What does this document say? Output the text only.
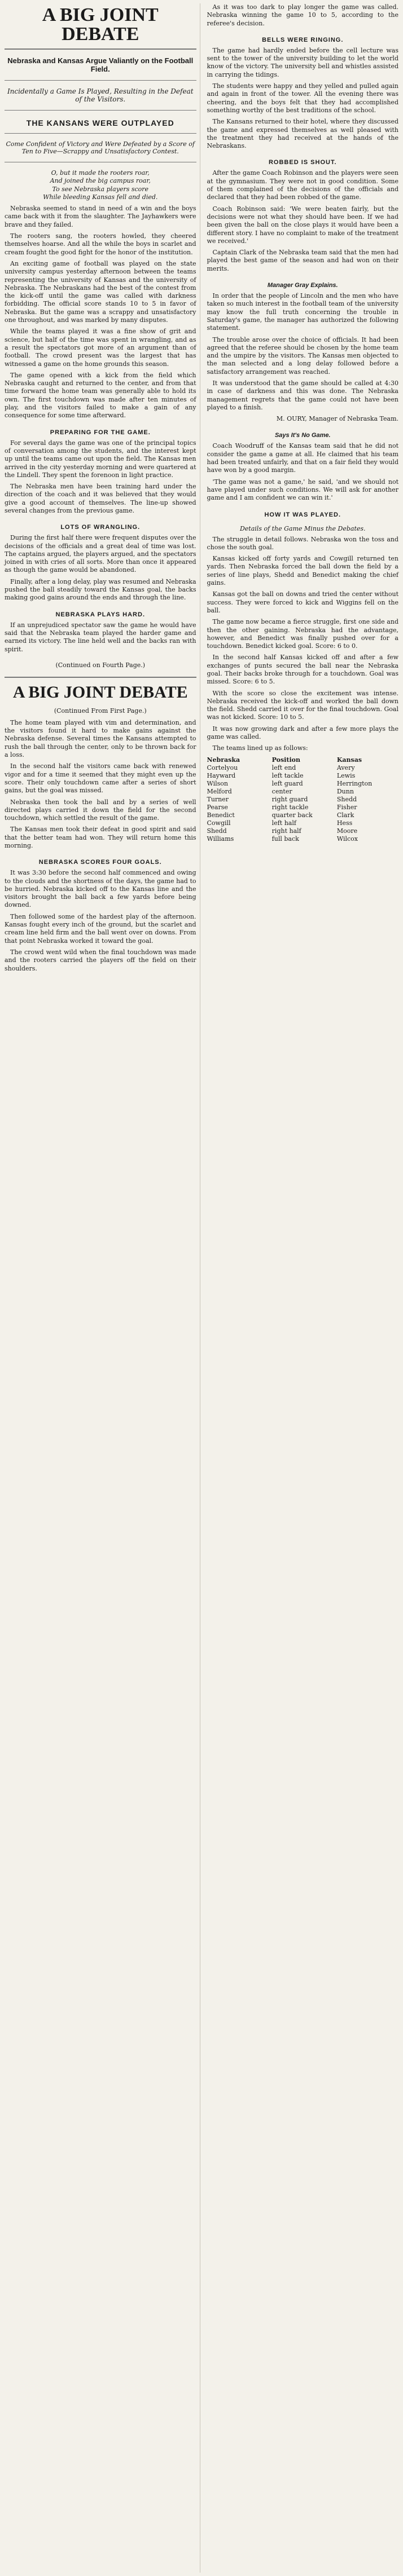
A BIG JOINT DEBATE
Nebraska and Kansas Argue Valiantly on the Football Field.
Incidentally a Game Is Played, Resulting in the Defeat of the Visitors.
THE KANSANS WERE OUTPLAYED
Come Confident of Victory and Were Defeated by a Score of Ten to Five—Scrappy and Unsatisfactory Contest.
O, but it made the rooters roar,
And joined the big campus roar,
To see Nebraska players score
While bleeding Kansas fell and died.

Nebraska seemed to stand in need of a win and the boys came back with it from the slaughter. The Jayhawkers were brave and they failed.

The rooters sang, the rooters howled, they cheered themselves hoarse. And all the while the boys in scarlet and cream fought the good fight for the honor of the institution.

An exciting game of football was played on the state university campus yesterday afternoon between the teams representing the university of Kansas and the university of Nebraska. The Nebraskans had the best of the contest from the kick-off until the game was called with darkness forbidding. The official score stands 10 to 5 in favor of Nebraska. But the game was a scrappy and unsatisfactory one throughout, and was marked by many disputes.

While the teams played it was a fine show of grit and science, but half of the time was spent in wrangling, and as a result the spectators got more of an argument than of football. The crowd present was the largest that has witnessed a game on the home grounds this season.

The game opened with a kick from the field which Nebraska caught and returned to the center, and from that time forward the home team was generally able to hold its own. The first touchdown was made after ten minutes of play, and the visitors failed to make a gain of any consequence for some time afterward.

PREPARING FOR THE GAME.

For several days the game was one of the principal topics of conversation among the students, and the interest kept up until the teams came out upon the field. The Kansas men arrived in the city yesterday morning and were quartered at the Lindell. They spent the forenoon in light practice.

The Nebraska men have been training hard under the direction of the coach and it was believed that they would give a good account of themselves. The line-up showed several changes from the previous game.

LOTS OF WRANGLING.

During the first half there were frequent disputes over the decisions of the officials and a great deal of time was lost. The captains argued, the players argued, and the spectators joined in with cries of all sorts. More than once it appeared as though the game would be abandoned.

Finally, after a long delay, play was resumed and Nebraska pushed the ball steadily toward the Kansas goal, the backs making good gains around the ends and through the line.

NEBRASKA PLAYS HARD.

If an unprejudiced spectator saw the game he would have said that the Nebraska team played the harder game and earned its victory. The line held well and the backs ran with spirit.

(Continued on Fourth Page.)
A BIG JOINT DEBATE
(Continued From First Page.)

The home team played with vim and determination, and the visitors found it hard to make gains against the Nebraska defense. Several times the Kansans attempted to rush the ball through the center, only to be thrown back for a loss.

In the second half the visitors came back with renewed vigor and for a time it seemed that they might even up the score. Their only touchdown came after a series of short gains, but the goal was missed.

Nebraska then took the ball and by a series of well directed plays carried it down the field for the second touchdown, which settled the result of the game.

The Kansas men took their defeat in good spirit and said that the better team had won. They will return home this morning.

NEBRASKA SCORES FOUR GOALS.

It was 3:30 before the second half commenced and owing to the clouds and the shortness of the days, the game had to be hurried. Nebraska kicked off to the Kansas line and the visitors brought the ball back a few yards before being downed.

Then followed some of the hardest play of the afternoon. Kansas fought every inch of the ground, but the scarlet and cream line held firm and the ball went over on downs. From that point Nebraska worked it toward the goal.

The crowd went wild when the final touchdown was made and the rooters carried the players off the field on their shoulders.

As it was too dark to play longer the game was called. Nebraska winning the game 10 to 5, according to the referee's decision.

BELLS WERE RINGING.

The game had hardly ended before the cell lecture was sent to the tower of the university building to let the world know of the victory. The university bell and whistles assisted in carrying the tidings.

The students were happy and they yelled and pulled again and again in front of the tower. All the evening there was cheering, and the boys felt that they had accomplished something worthy of the best traditions of the school.

The Kansans returned to their hotel, where they discussed the game and expressed themselves as well pleased with the treatment they had received at the hands of the Nebraskans.

ROBBED IS SHOUT.

After the game Coach Robinson and the players were seen at the gymnasium. They were not in good condition. Some of them complained of the decisions of the officials and declared that they had been robbed of the game.

Coach Robinson said: 'We were beaten fairly, but the decisions were not what they should have been. If we had been given the ball on the close plays it would have been a different story. I have no complaint to make of the treatment we received.'

Captain Clark of the Nebraska team said that the men had played the best game of the season and had won on their merits.

Manager Gray Explains.

In order that the people of Lincoln and the men who have taken so much interest in the football team of the university may know the full truth concerning the trouble in Saturday's game, the manager has authorized the following statement.

The trouble arose over the choice of officials. It had been agreed that the referee should be chosen by the home team and the umpire by the visitors. The Kansas men objected to the man selected and a long delay followed before a satisfactory arrangement was reached.

It was understood that the game should be called at 4:30 in case of darkness and this was done. The Nebraska management regrets that the game could not have been played to a finish.

M. OURY, Manager of Nebraska Team.

Says It's No Game.

Coach Woodruff of the Kansas team said that he did not consider the game a game at all. He claimed that his team had been treated unfairly, and that on a fair field they would have won by a good margin.

'The game was not a game,' he said, 'and we should not have played under such conditions. We will ask for another game and I am confident we can win it.'

HOW IT WAS PLAYED.
Details of the Game Minus the Debates.

The struggle in detail follows. Nebraska won the toss and chose the south goal.

Kansas kicked off forty yards and Cowgill returned ten yards. Then Nebraska forced the ball down the field by a series of line plays, Shedd and Benedict making the chief gains.

Kansas got the ball on downs and tried the center without success. They were forced to kick and Wiggins fell on the ball.

The game now became a fierce struggle, first one side and then the other gaining. Nebraska had the advantage, however, and Benedict was finally pushed over for a touchdown. Benedict kicked goal. Score: 6 to 0.

In the second half Kansas kicked off and after a few exchanges of punts secured the ball near the Nebraska goal. Their backs broke through for a touchdown. Goal was missed. Score: 6 to 5.

With the score so close the excitement was intense. Nebraska received the kick-off and worked the ball down the field. Shedd carried it over for the final touchdown. Goal was not kicked. Score: 10 to 5.

It was now growing dark and after a few more plays the game was called.

The teams lined up as follows:

Nebraska	Position	Kansas
Cortelyou	left end	Avery
Hayward	left tackle	Lewis
Wilson	left guard	Herrington
Melford	center	Dunn
Turner	right guard	Shedd
Pearse	right tackle	Fisher
Benedict	quarter back	Clark
Cowgill	left half	Hess
Shedd	right half	Moore
Williams	full back	Wilcox
